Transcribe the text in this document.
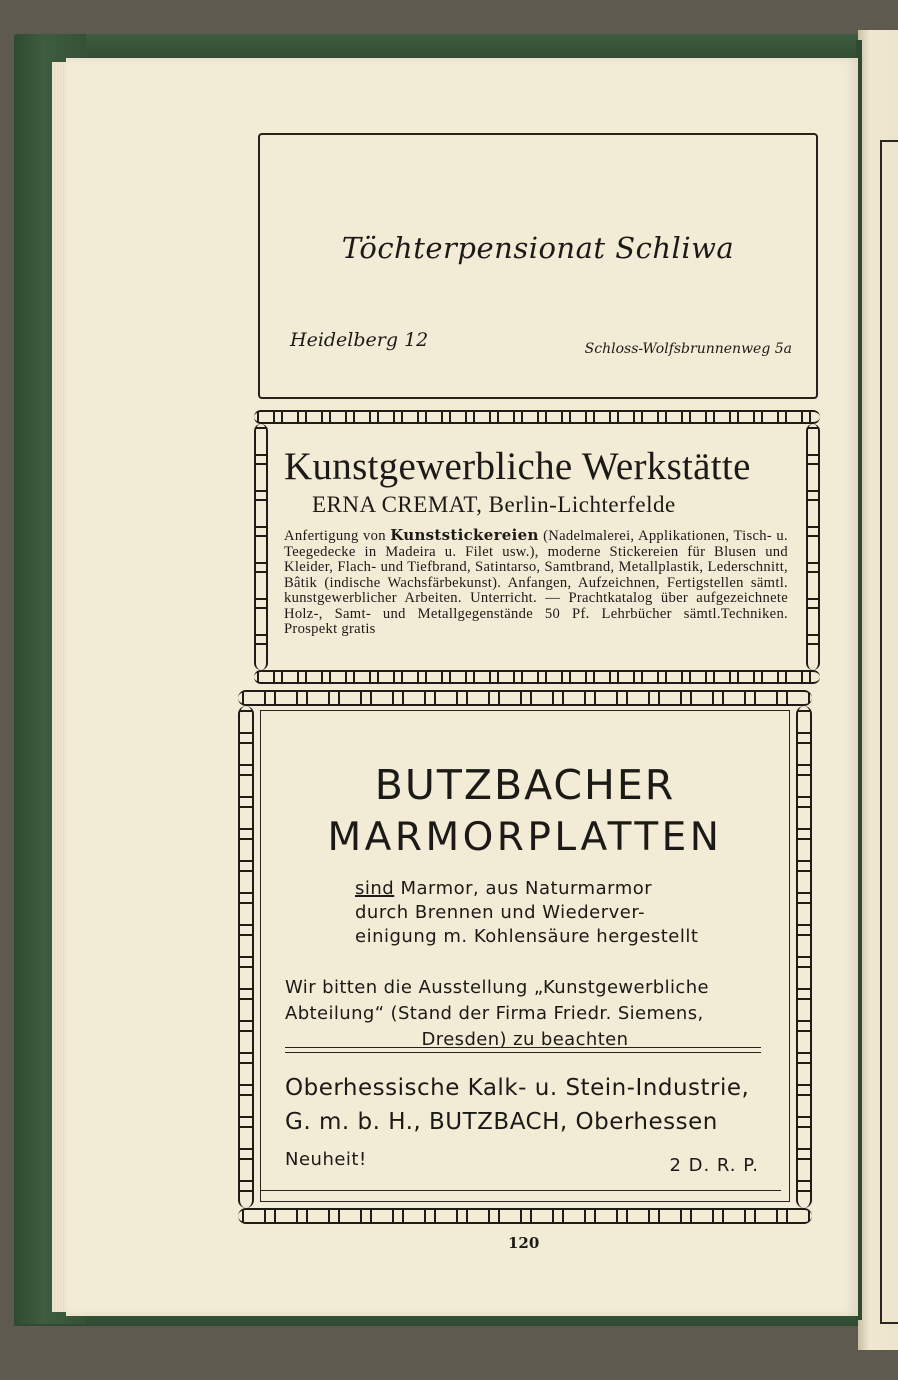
Töchterpensionat Schliwa
Heidelberg 12	Schloss-Wolfsbrunnenweg 5a
Kunstgewerbliche Werkstätte
ERNA CREMAT, Berlin-Lichterfelde
Anfertigung von Kunststickereien (Nadelmalerei, Applikationen, Tisch- u. Teegedecke in Madeira u. Filet usw.), moderne Stickereien für Blusen und Kleider, Flach- und Tiefbrand, Satintarso, Samtbrand, Metallplastik, Lederschnitt, Bâtik (indische Wachsfärbekunst). Anfangen, Aufzeichnen, Fertigstellen sämtl. kunstgewerblicher Arbeiten. Unterricht. — Prachtkatalog über aufgezeichnete Holz-, Samt- und Metallgegenstände 50 Pf. Lehrbücher sämtl.Techniken. Prospekt gratis
BUTZBACHER
MARMORPLATTEN
sind Marmor, aus Naturmarmor
durch Brennen und Wiederver-
einigung m. Kohlensäure hergestellt
Wir bitten die Ausstellung „Kunstgewerbliche
Abteilung“ (Stand der Firma Friedr. Siemens,

Dresden) zu beachten
Oberhessische Kalk- u. Stein-Industrie,
G. m. b. H., BUTZBACH, Oberhessen
Neuheit!	2 D. R. P.
120
